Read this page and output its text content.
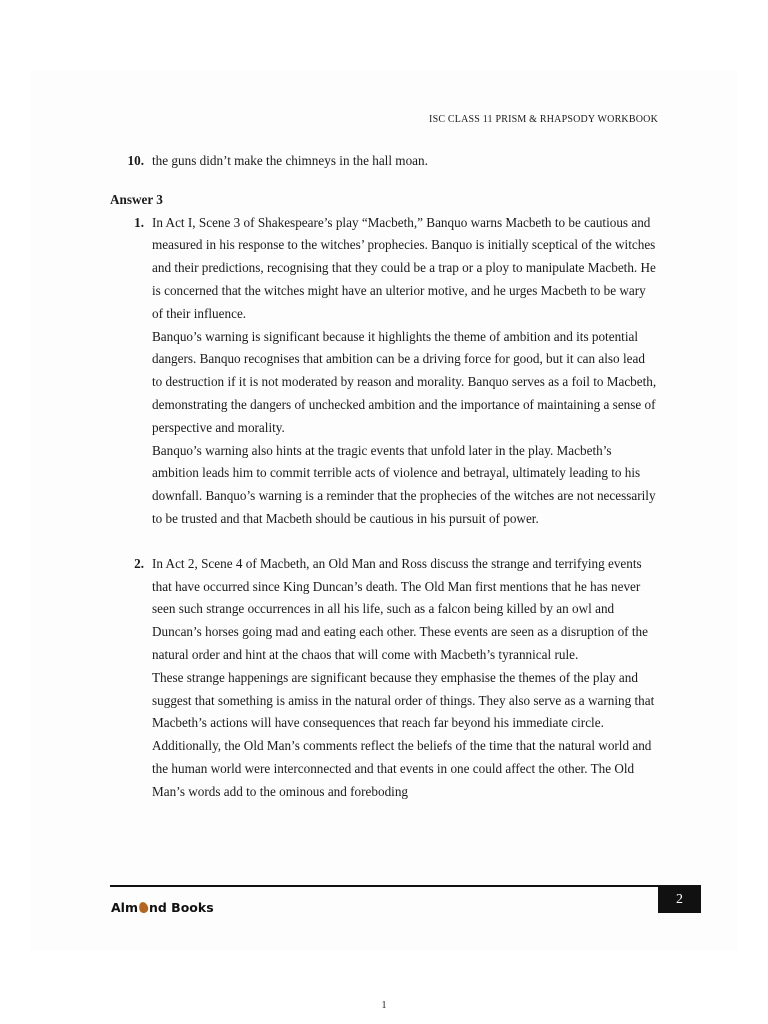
ISC CLASS 11 PRISM & RHAPSODY WORKBOOK
10. the guns didn’t make the chimneys in the hall moan.

Answer 3
1. In Act I, Scene 3 of Shakespeare’s play “Macbeth,” Banquo warns Macbeth to be cautious and measured in his response to the witches’ prophecies. Banquo is initially sceptical of the witches and their predictions, recognising that they could be a trap or a ploy to manipulate Macbeth. He is concerned that the witches might have an ulterior motive, and he urges Macbeth to be wary of their influence.

Banquo’s warning is significant because it highlights the theme of ambition and its potential dangers. Banquo recognises that ambition can be a driving force for good, but it can also lead to destruction if it is not moderated by reason and morality. Banquo serves as a foil to Macbeth, demonstrating the dangers of unchecked ambition and the importance of maintaining a sense of perspective and morality.

Banquo’s warning also hints at the tragic events that unfold later in the play. Macbeth’s ambition leads him to commit terrible acts of violence and betrayal, ultimately leading to his downfall. Banquo’s warning is a reminder that the prophecies of the witches are not necessarily to be trusted and that Macbeth should be cautious in his pursuit of power.

2. In Act 2, Scene 4 of Macbeth, an Old Man and Ross discuss the strange and terrifying events that have occurred since King Duncan’s death. The Old Man first mentions that he has never seen such strange occurrences in all his life, such as a falcon being killed by an owl and Duncan’s horses going mad and eating each other. These events are seen as a disruption of the natural order and hint at the chaos that will come with Macbeth’s tyrannical rule.

These strange happenings are significant because they emphasise the themes of the play and suggest that something is amiss in the natural order of things. They also serve as a warning that Macbeth’s actions will have consequences that reach far beyond his immediate circle. Additionally, the Old Man’s comments reflect the beliefs of the time that the natural world and the human world were interconnected and that events in one could affect the other. The Old Man’s words add to the ominous and foreboding

Alm nd Books
2
1
